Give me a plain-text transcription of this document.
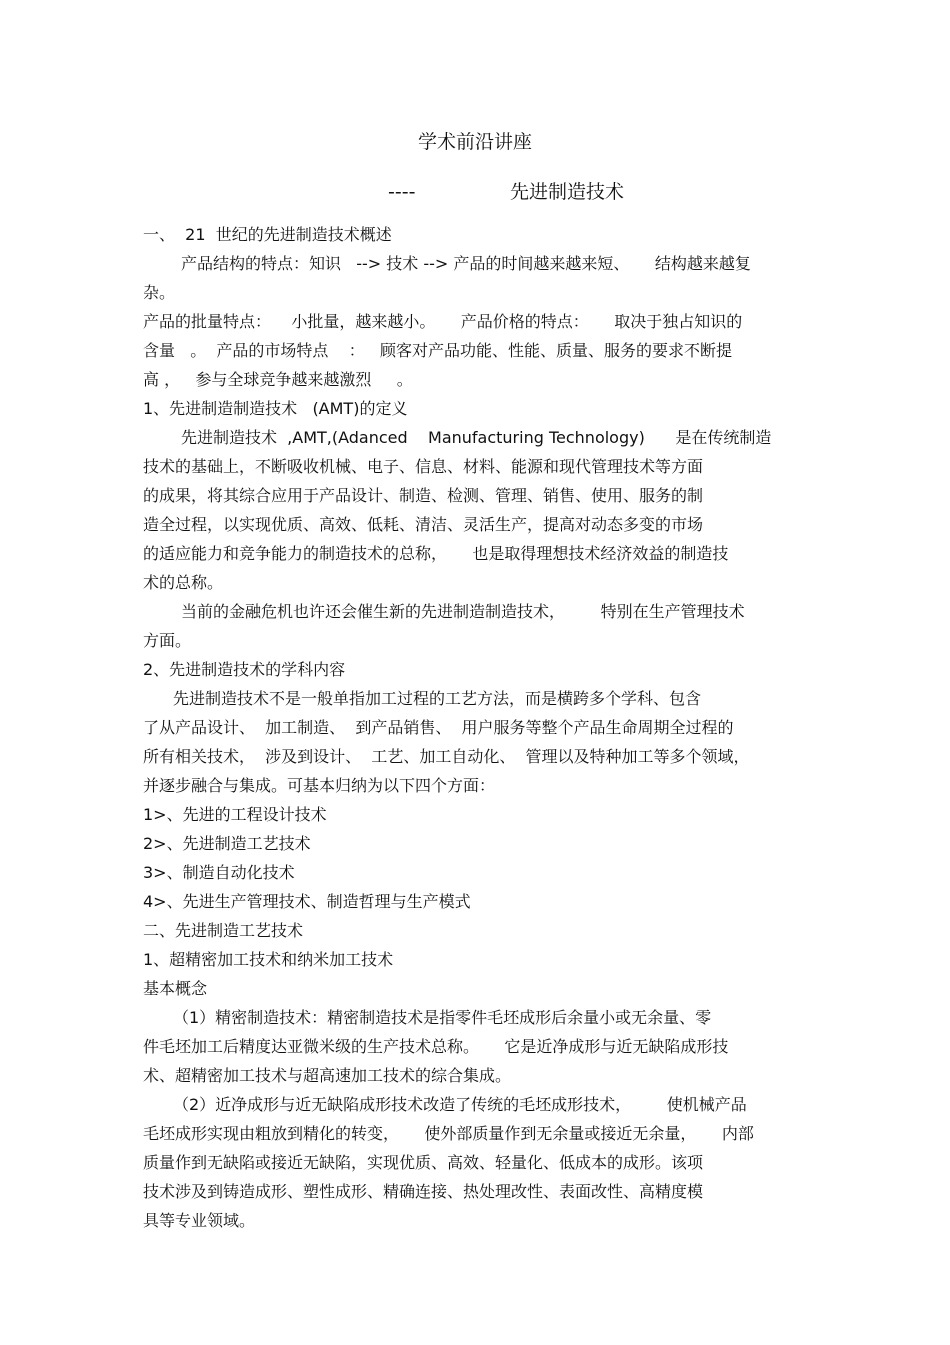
学术前沿讲座
----	先进制造技术
一、  21  世纪的先进制造技术概述
产品结构的特点：知识   --> 技术 --> 产品的时间越来越来短、     结构越来越复
杂。
产品的批量特点：    小批量，越来越小。     产品价格的特点：     取决于独占知识的
含量   。  产品的市场特点    ：   顾客对产品功能、性能、质量、服务的要求不断提
高 ，   参与全球竞争越来越激烈     。
1、先进制造制造技术   (AMT)的定义
先进制造技术  ,AMT,(Adanced    Manufacturing Technology)      是在传统制造
技术的基础上，不断吸收机械、电子、信息、材料、能源和现代管理技术等方面
的成果，将其综合应用于产品设计、制造、检测、管理、销售、使用、服务的制
造全过程，以实现优质、高效、低耗、清洁、灵活生产，提高对动态多变的市场
的适应能力和竞争能力的制造技术的总称，     也是取得理想技术经济效益的制造技
术的总称。
当前的金融危机也许还会催生新的先进制造制造技术，       特别在生产管理技术
方面。
2、先进制造技术的学科内容
先进制造技术不是一般单指加工过程的工艺方法，而是横跨多个学科、包含
了从产品设计、  加工制造、  到产品销售、  用户服务等整个产品生命周期全过程的
所有相关技术，  涉及到设计、  工艺、加工自动化、  管理以及特种加工等多个领域，
并逐步融合与集成。可基本归纳为以下四个方面：
1>、先进的工程设计技术
2>、先进制造工艺技术
3>、制造自动化技术
4>、先进生产管理技术、制造哲理与生产模式
二、先进制造工艺技术
1、超精密加工技术和纳米加工技术
基本概念
（1）精密制造技术：精密制造技术是指零件毛坯成形后余量小或无余量、零
件毛坯加工后精度达亚微米级的生产技术总称。     它是近净成形与近无缺陷成形技
术、超精密加工技术与超高速加工技术的综合集成。
（2）近净成形与近无缺陷成形技术改造了传统的毛坯成形技术，       使机械产品
毛坯成形实现由粗放到精化的转变，     使外部质量作到无余量或接近无余量，     内部
质量作到无缺陷或接近无缺陷，实现优质、高效、轻量化、低成本的成形。该项
技术涉及到铸造成形、塑性成形、精确连接、热处理改性、表面改性、高精度模
具等专业领域。
